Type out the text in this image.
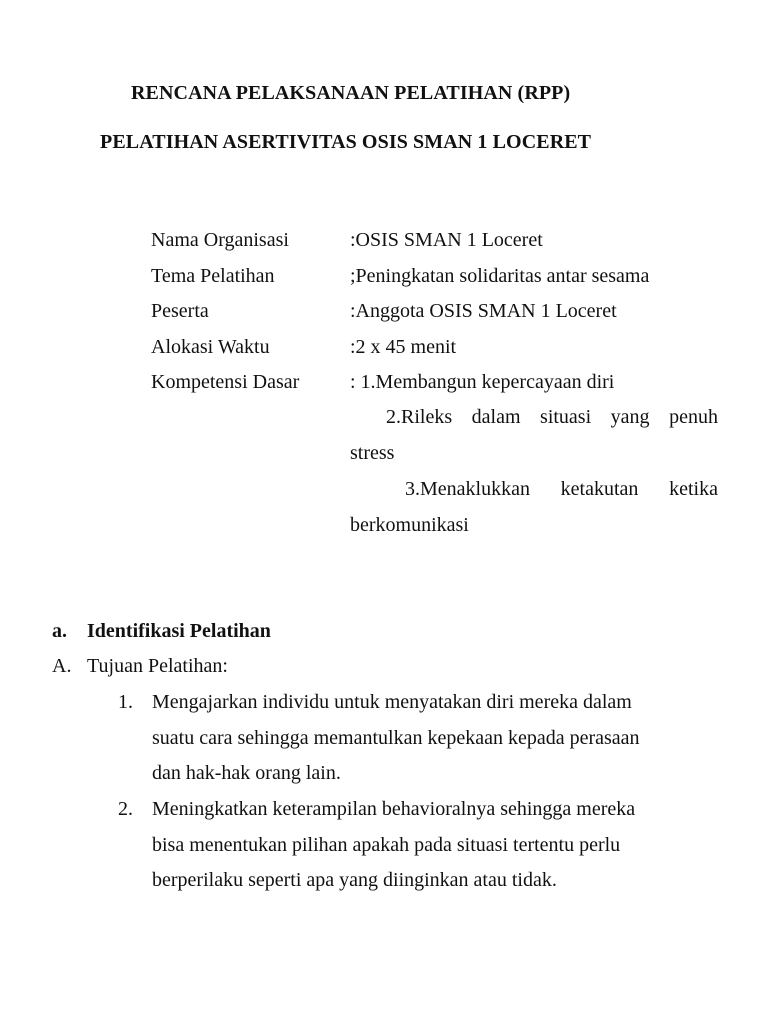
RENCANA PELAKSANAAN PELATIHAN (RPP)
PELATIHAN ASERTIVITAS OSIS SMAN 1 LOCERET
Nama Organisasi	:OSIS SMAN 1 Loceret
Tema Pelatihan	;Peningkatan solidaritas antar sesama
Peserta	:Anggota OSIS SMAN 1 Loceret
Alokasi Waktu	:2 x 45 menit
Kompetensi Dasar	: 1.Membangun kepercayaan diri
2.Rileks dalam situasi yang penuh
stress
3.Menaklukkan ketakutan ketika
berkomunikasi
a. Identifikasi Pelatihan
A. Tujuan Pelatihan:
1. Mengajarkan individu untuk menyatakan diri mereka dalam
suatu cara sehingga memantulkan kepekaan kepada perasaan
dan hak-hak orang lain.
2. Meningkatkan keterampilan behavioralnya sehingga mereka
bisa menentukan pilihan apakah pada situasi tertentu perlu
berperilaku seperti apa yang diinginkan atau tidak.
